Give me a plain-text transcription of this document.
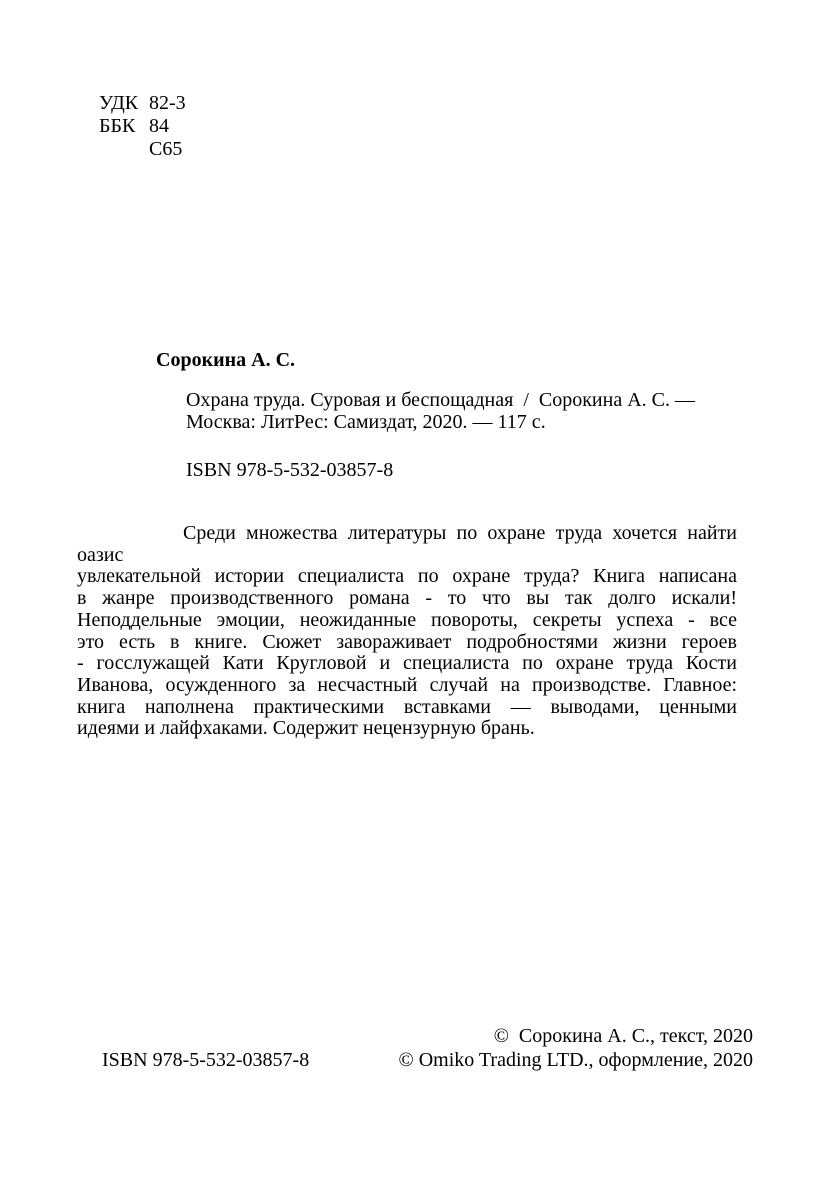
УДК 82-3
ББК 84
С65
Сорокина А. С.
Охрана труда. Суровая и беспощадная  /  Сорокина А. С. —
Москва: ЛитРес: Самиздат, 2020. — 117 с.
ISBN 978-5-532-03857-8
Среди множества литературы по охране труда хочется найти оазис
увлекательной истории специалиста по охране труда? Книга написана
в жанре производственного романа - то что вы так долго искали!
Неподдельные эмоции, неожиданные повороты, секреты успеха - все
это есть в книге. Сюжет завораживает подробностями жизни героев
- госслужащей Кати Кругловой и специалиста по охране труда Кости
Иванова, осужденного за несчастный случай на производстве. Главное:
книга наполнена практическими вставками — выводами, ценными
идеями и лайфхаками. Содержит нецензурную брань.
©  Сорокина А. С., текст, 2020
© Omiko Trading LTD., оформление, 2020
ISBN 978-5-532-03857-8
